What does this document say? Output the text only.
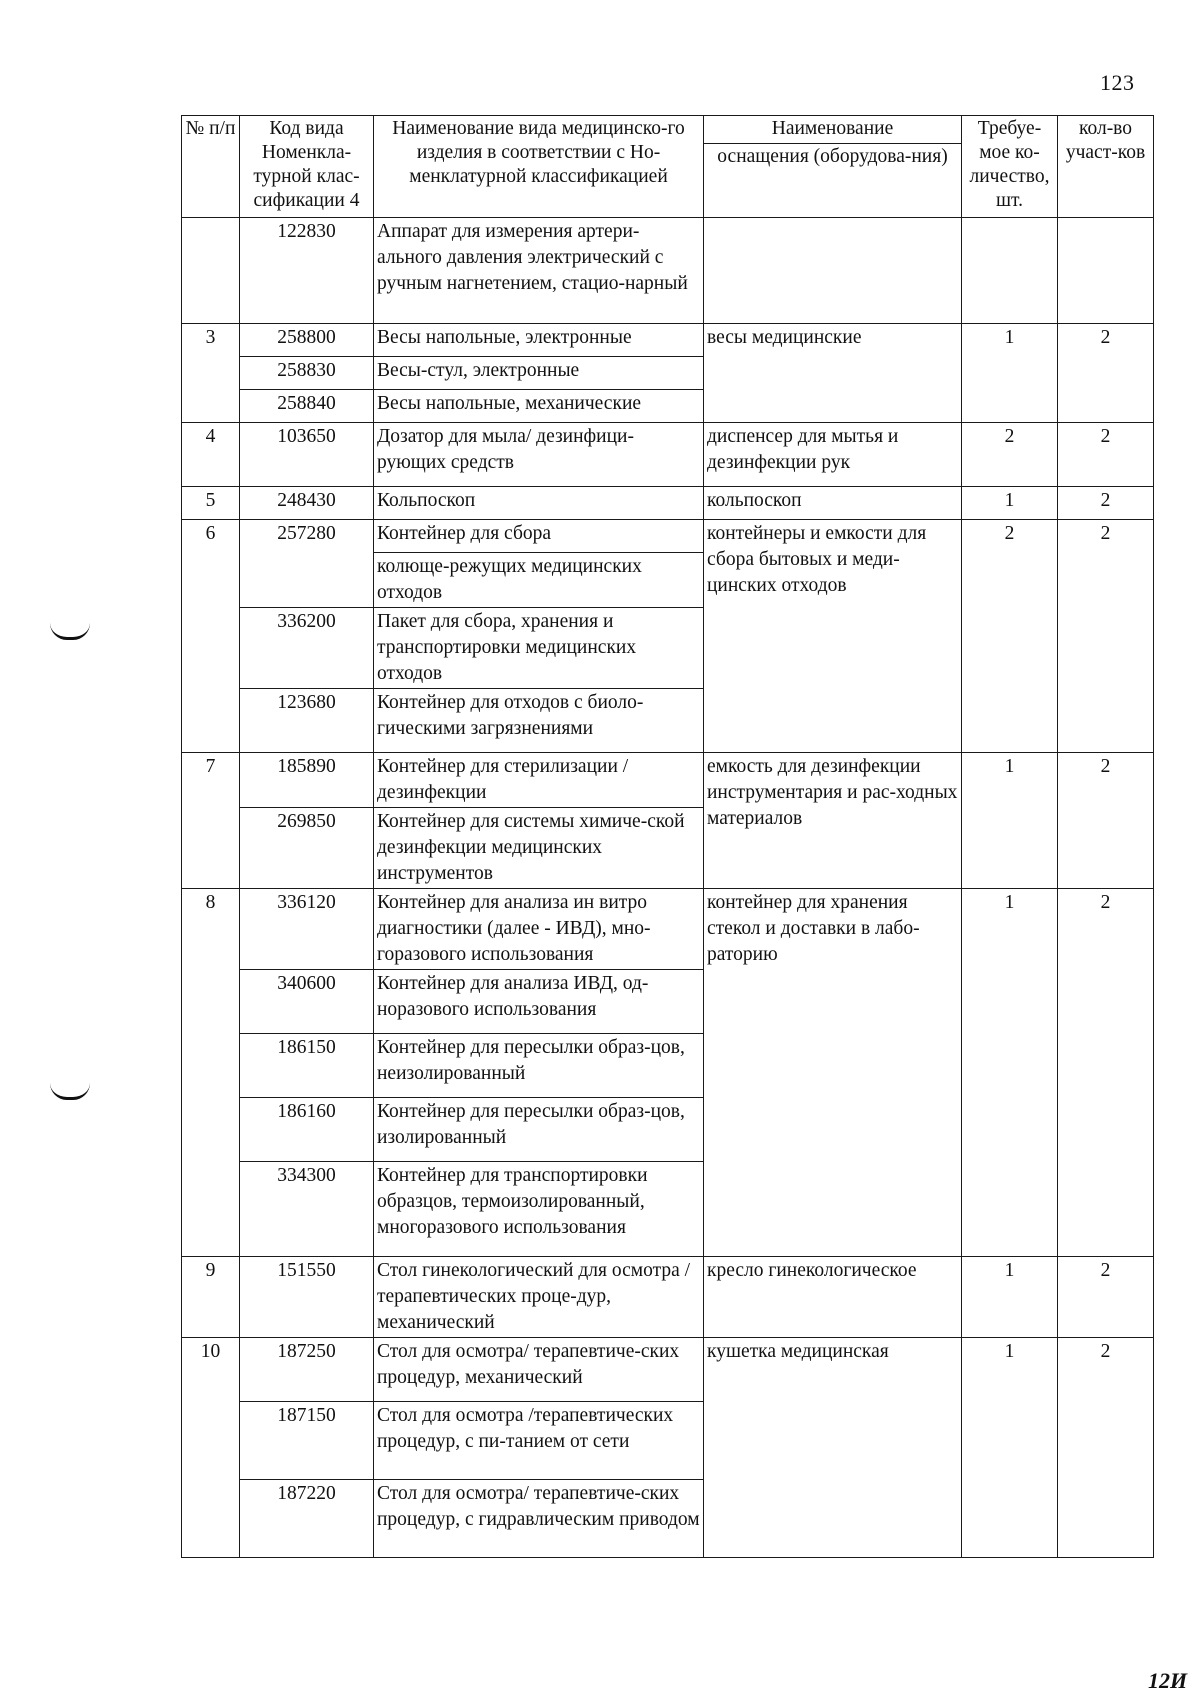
123
№ п/п	Код вида Номенкла-турной клас-сификации 4	Наименование вида медицинско-го изделия в соответствии с Но-менклатурной классификацией	Наименование	Требуе-мое ко-личество, шт.	кол-во участ-ков
			оснащения (оборудова-ния)		
	122830	Аппарат для измерения артери-ального давления электрический с ручным нагнетением, стацио-нарный			
3	258800	Весы напольные, электронные	весы медицинские	1	2
	258830	Весы-стул, электронные			
	258840	Весы напольные, механические			
4	103650	Дозатор для мыла/ дезинфици-рующих средств	диспенсер для мытья и дезинфекции рук	2	2
5	248430	Кольпоскоп	кольпоскоп	1	2
6	257280	Контейнер для сбора	контейнеры и емкости для сбора бытовых и меди-цинских отходов	2	2
		колюще-режущих медицинских отходов			
	336200	Пакет для сбора, хранения и транспортировки медицинских отходов			
	123680	Контейнер для отходов с биоло-гическими загрязнениями			
7	185890	Контейнер для стерилизации /дезинфекции	емкость для дезинфекции инструментария и рас-ходных материалов	1	2
	269850	Контейнер для системы химиче-ской дезинфекции медицинских инструментов			
8	336120	Контейнер для анализа ин витро диагностики (далее - ИВД), мно-горазового использования	контейнер для хранения стекол и доставки в лабо-раторию	1	2
	340600	Контейнер для анализа ИВД, од-норазового использования			
	186150	Контейнер для пересылки образ-цов, неизолированный			
	186160	Контейнер для пересылки образ-цов, изолированный			
	334300	Контейнер для транспортировки образцов, термоизолированный, многоразового использования			
9	151550	Стол гинекологический для осмотра /терапевтических проце-дур, механический	кресло гинекологическое	1	2
10	187250	Стол для осмотра/ терапевтиче-ских процедур, механический	кушетка медицинская	1	2
	187150	Стол для осмотра /терапевтических процедур, с пи-танием от сети			
	187220	Стол для осмотра/ терапевтиче-ских процедур, с гидравлическим приводом			
12И
